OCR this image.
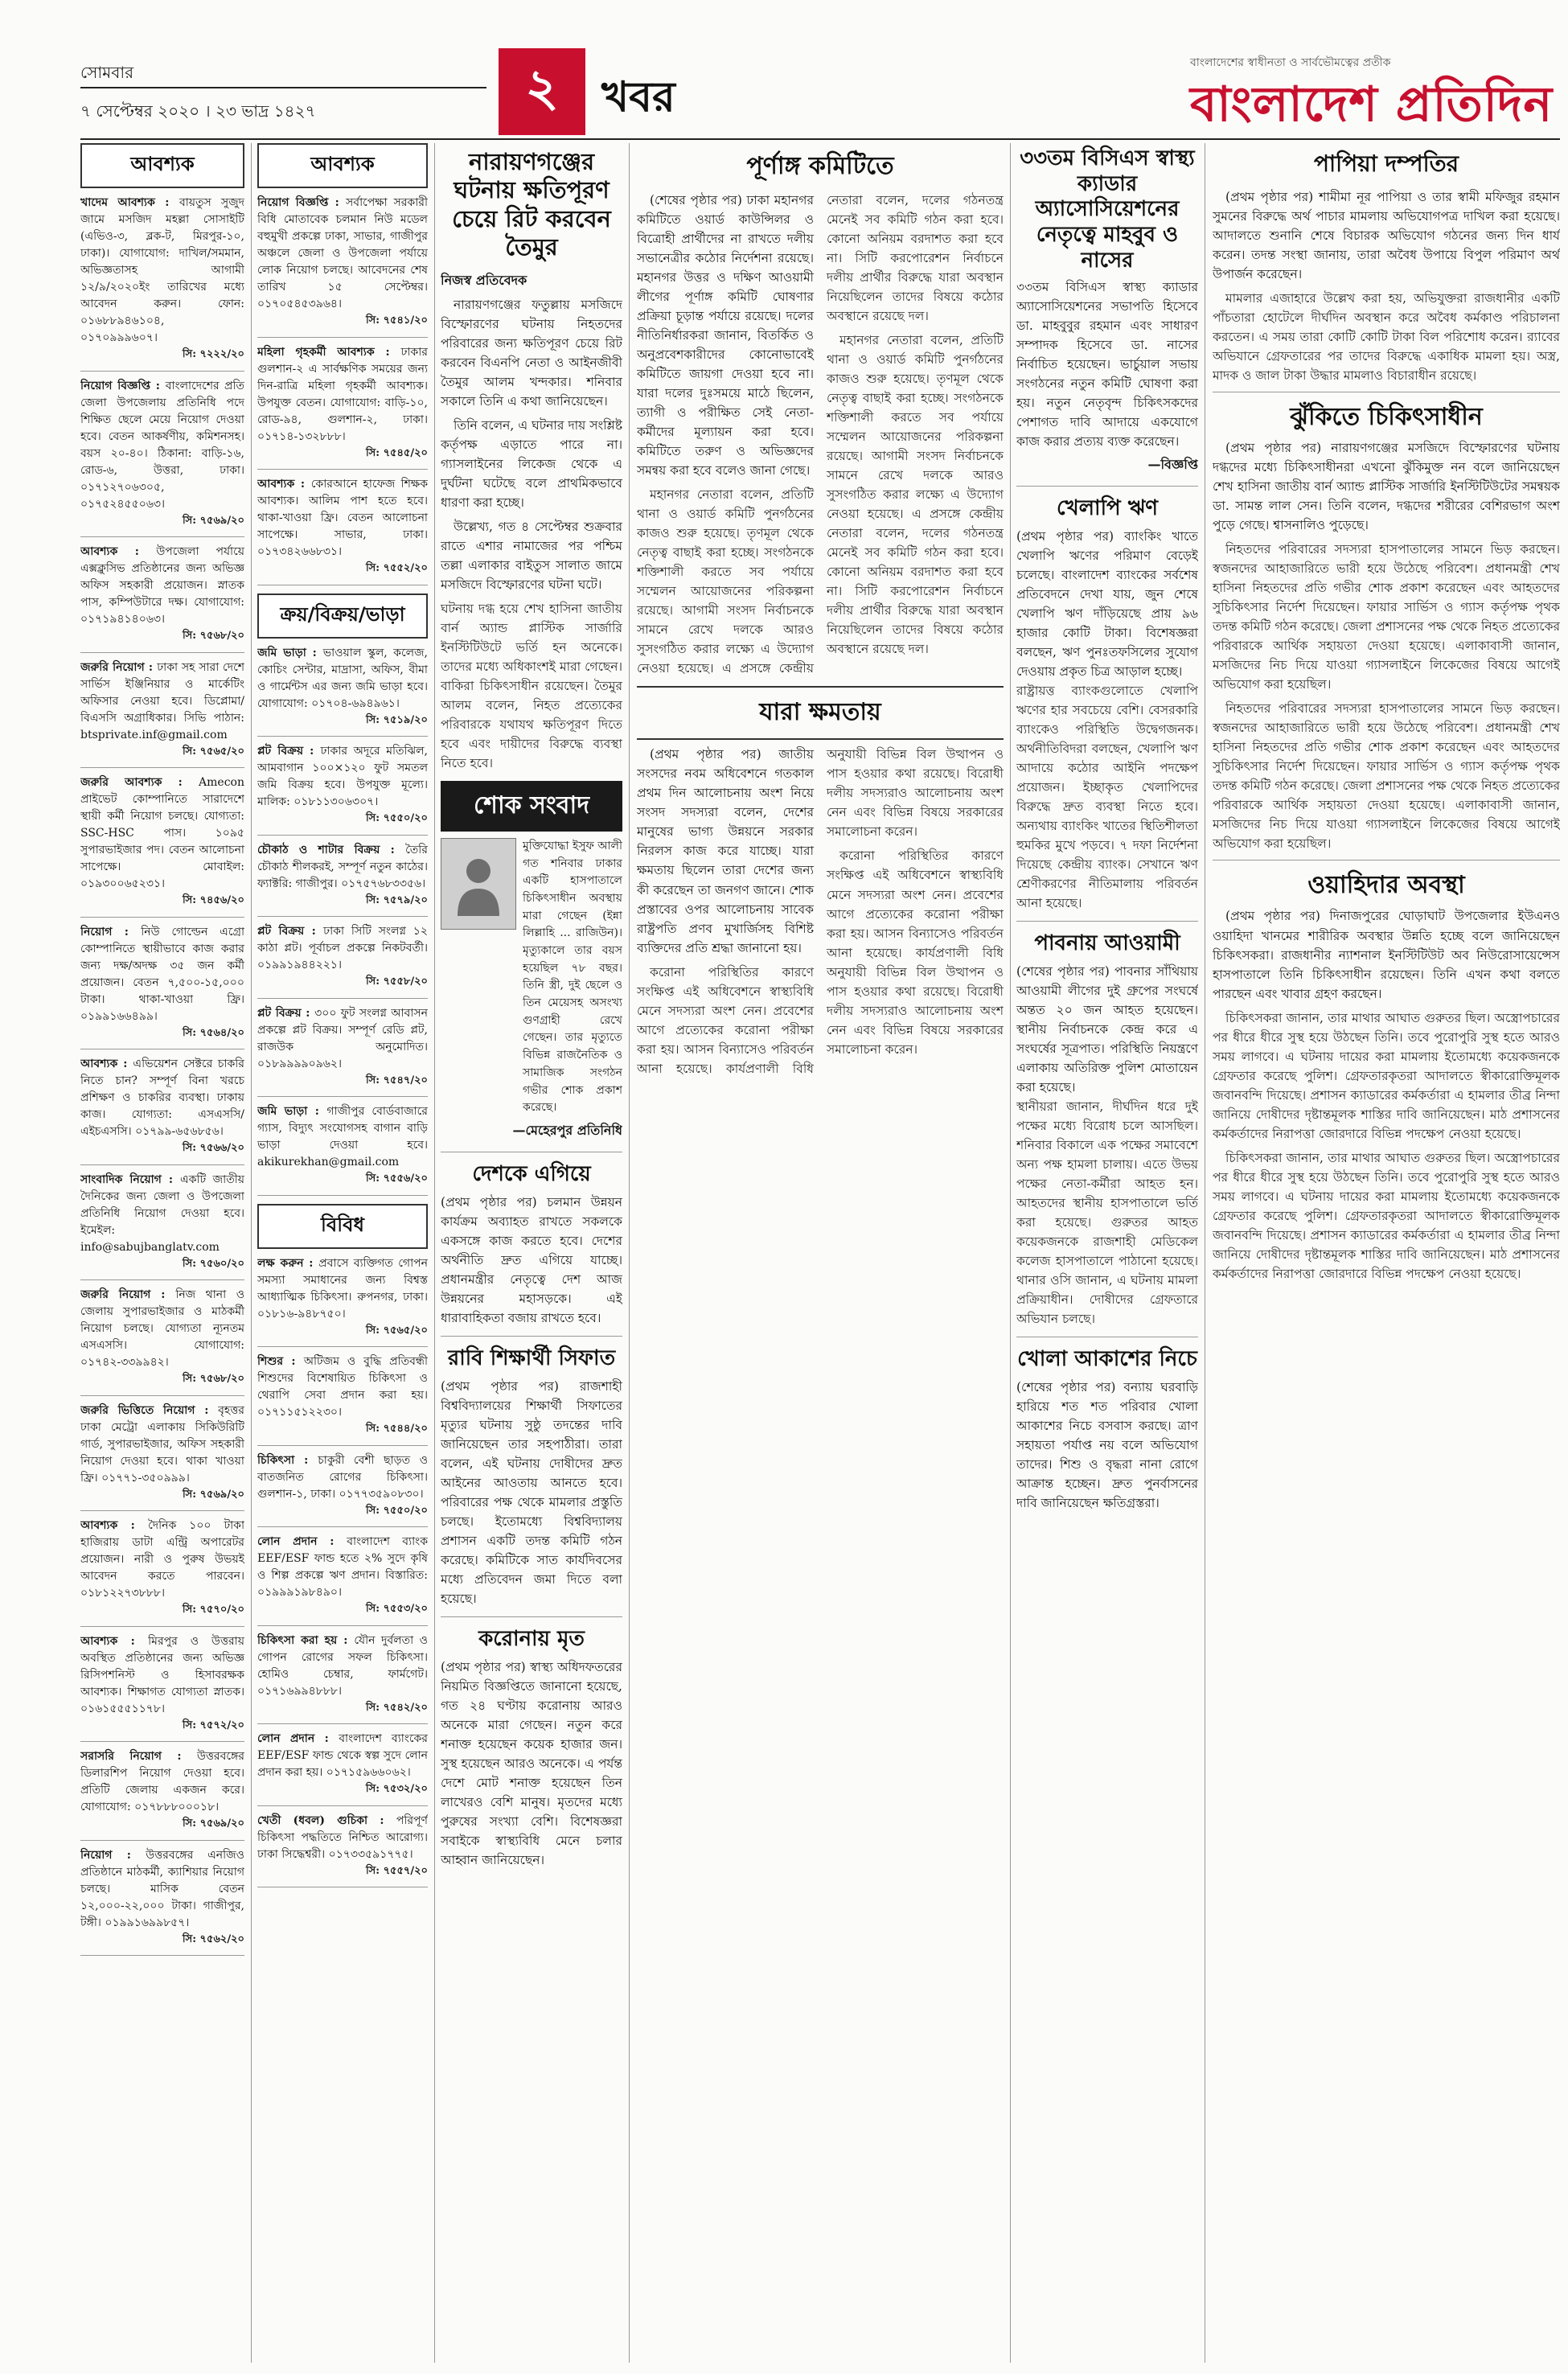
সোমবার
৭ সেপ্টেম্বর ২০২০ । ২৩ ভাদ্র ১৪২৭	২ খবর
বাংলাদেশের স্বাধীনতা ও সার্বভৌমত্বের প্রতীক
বাংলাদেশ প্রতিদিন
আবশ্যক
খাদেম আবশ্যক : বায়তুস সুজুদ জামে মসজিদ মহল্লা সোসাইটি (এভিও-৩, ব্লক-ট, মিরপুর-১০, ঢাকা)। যোগাযোগ: দাখিল/সমমান, অভিজ্ঞতাসহ আগামী ১২/৯/২০২০ইং তারিখের মধ্যে আবেদন করুন। ফোন: ০১৬৮৮৯৪৬১০৪, ০১৭০৯৯৯৬০৭।
সি: ৭২২২/২০
নিয়োগ বিজ্ঞপ্তি : বাংলাদেশের প্রতি জেলা উপজেলায় প্রতিনিধি পদে শিক্ষিত ছেলে মেয়ে নিয়োগ দেওয়া হবে। বেতন আকর্ষণীয়, কমিশনসহ। বয়স ২০-৪০। ঠিকানা: বাড়ি-১৬, রোড-৬, উত্তরা, ঢাকা। ০১৭১২৭০৬৩০৫, ০১৭৫২৪৫৫০৬৩।
সি: ৭৫৬৯/২০
আবশ্যক : উপজেলা পর্যায়ে এক্সক্লুসিভ প্রতিষ্ঠানের জন্য অভিজ্ঞ অফিস সহকারী প্রয়োজন। স্নাতক পাস, কম্পিউটারে দক্ষ। যোগাযোগ: ০১৭১৯৪১৪০৬৩।
সি: ৭৫৬৮/২০
জরুরি নিয়োগ : ঢাকা সহ সারা দেশে সার্ভিস ইঞ্জিনিয়ার ও মার্কেটিং অফিসার নেওয়া হবে। ডিপ্লোমা/বিএসসি অগ্রাধিকার। সিভি পাঠান: btsprivate.inf@gmail.com
সি: ৭৫৬৫/২০
জরুরি আবশ্যক : Amecon প্রাইভেট কোম্পানিতে সারাদেশে স্থায়ী কর্মী নিয়োগ চলছে। যোগ্যতা: SSC-HSC পাস। ১০৯৫ সুপারভাইজার পদ। বেতন আলোচনা সাপেক্ষে। মোবাইল: ০১৯৩০০৬৫২৩১।
সি: ৭৪৫৬/২০
নিয়োগ : নিউ গোল্ডেন এগ্রো কোম্পানিতে স্থায়ীভাবে কাজ করার জন্য দক্ষ/অদক্ষ ৩৫ জন কর্মী প্রয়োজন। বেতন ৭,৫০০-১৫,০০০ টাকা। থাকা-খাওয়া ফ্রি। ০১৯৯১৬৬৪৯৯।
সি: ৭৫৬৪/২০
আবশ্যক : এভিয়েশন সেক্টরে চাকরি নিতে চান? সম্পূর্ণ বিনা খরচে প্রশিক্ষণ ও চাকরির ব্যবস্থা। ঢাকায় কাজ। যোগ্যতা: এসএসসি/এইচএসসি। ০১৭৯৯-৬৫৬৮৫৬।
সি: ৭৫৬৬/২০
সাংবাদিক নিয়োগ : একটি জাতীয় দৈনিকের জন্য জেলা ও উপজেলা প্রতিনিধি নিয়োগ দেওয়া হবে। ইমেইল: info@sabujbanglatv.com
সি: ৭৫৬০/২০
জরুরি নিয়োগ : নিজ থানা ও জেলায় সুপারভাইজার ও মাঠকর্মী নিয়োগ চলছে। যোগ্যতা ন্যূনতম এসএসসি। যোগাযোগ: ০১৭৪২-৩৩৯৯৪২।
সি: ৭৫৬৮/২০
জরুরি ভিত্তিতে নিয়োগ : বৃহত্তর ঢাকা মেট্রো এলাকায় সিকিউরিটি গার্ড, সুপারভাইজার, অফিস সহকারী নিয়োগ দেওয়া হবে। থাকা খাওয়া ফ্রি। ০১৭৭১-৩৫০৯৯৯।
সি: ৭৫৬৯/২০
আবশ্যক : দৈনিক ১০০ টাকা হাজিরায় ডাটা এন্ট্রি অপারেটর প্রয়োজন। নারী ও পুরুষ উভয়ই আবেদন করতে পারবেন। ০১৮১২২৭৩৮৮৮।
সি: ৭৫৭০/২০
আবশ্যক : মিরপুর ও উত্তরায় অবস্থিত প্রতিষ্ঠানের জন্য অভিজ্ঞ রিসিপশনিস্ট ও হিসাবরক্ষক আবশ্যক। শিক্ষাগত যোগ্যতা স্নাতক। ০১৬১৫৫৫১১৭৮।
সি: ৭৫৭২/২০
সরাসরি নিয়োগ : উত্তরবঙ্গের ডিলারশিপ নিয়োগ দেওয়া হবে। প্রতিটি জেলায় একজন করে। যোগাযোগ: ০১৭৮৮৮০০০১৮।
সি: ৭৫৬৯/২০
নিয়োগ : উত্তরবঙ্গের এনজিও প্রতিষ্ঠানে মাঠকর্মী, ক্যাশিয়ার নিয়োগ চলছে। মাসিক বেতন ১২,০০০-২২,০০০ টাকা। গাজীপুর, টঙ্গী। ০১৯৯১৬৯৯৮৫৭।
সি: ৭৫৬২/২০
আবশ্যক
নিয়োগ বিজ্ঞপ্তি : সর্বাপেক্ষা সরকারী বিধি মোতাবেক চলমান নিউ মডেল বহুমুখী প্রকল্পে ঢাকা, সাভার, গাজীপুর অঞ্চলে জেলা ও উপজেলা পর্যায়ে লোক নিয়োগ চলছে। আবেদনের শেষ তারিখ ১৫ সেপ্টেম্বর। ০১৭০৫৪৫৩৯৬৪।
সি: ৭৫৪১/২০
মহিলা গৃহকর্মী আবশ্যক : ঢাকার গুলশান-২ এ সার্বক্ষণিক সময়ের জন্য দিন-রাত্রি মহিলা গৃহকর্মী আবশ্যক। উপযুক্ত বেতন। যোগাযোগ: বাড়ি-১০, রোড-৯৪, গুলশান-২, ঢাকা। ০১৭১৪-১৩২৮৮৮।
সি: ৭৫৪৫/২০
আবশ্যক : কোরআনে হাফেজ শিক্ষক আবশ্যক। আলিম পাশ হতে হবে। থাকা-খাওয়া ফ্রি। বেতন আলোচনা সাপেক্ষে। সাভার, ঢাকা। ০১৭৩৪২৬৬৮৩১।
সি: ৭৫৫২/২০
ক্রয়/বিক্রয়/ভাড়া
জমি ভাড়া : ভাওয়াল স্কুল, কলেজ, কোচিং সেন্টার, মাদ্রাসা, অফিস, বীমা ও গার্মেন্টস এর জন্য জমি ভাড়া হবে। যোগাযোগ: ০১৭০৪-৬৯৪৯৬১।
সি: ৭৫১৯/২০
প্লট বিক্রয় : ঢাকার অদূরে মতিঝিল, আমবাগান ১০০×১২০ ফুট সমতল জমি বিক্রয় হবে। উপযুক্ত মূল্যে। মালিক: ০১৮১১৩০৬৩০৭।
সি: ৭৫৫০/২০
চৌকাঠ ও শাটার বিক্রয় : তৈরি চৌকাঠ শীলকরই, সম্পূর্ণ নতুন কাঠের। ফ্যাক্টরি: গাজীপুর। ০১৭৫৭৬৮৩৩৫৬।
সি: ৭৫৭৯/২০
প্লট বিক্রয় : ঢাকা সিটি সংলগ্ন ১২ কাঠা প্লট। পূর্বাচল প্রকল্পে নিকটবর্তী। ০১৯৯১৯৪৪২২১।
সি: ৭৫৫৮/২০
প্লট বিক্রয় : ৩০০ ফুট সংলগ্ন আবাসন প্রকল্পে প্লট বিক্রয়। সম্পূর্ণ রেডি প্লট, রাজউক অনুমোদিত। ০১৮৯৯৯৯০৯৬২।
সি: ৭৫৪৭/২০
জমি ভাড়া : গাজীপুর বোর্ডবাজারে গ্যাস, বিদ্যুৎ সংযোগসহ বাগান বাড়ি ভাড়া দেওয়া হবে। akikurekhan@gmail.com
সি: ৭৫৫৬/২০
বিবিধ
লক্ষ করুন : প্রবাসে ব্যক্তিগত গোপন সমস্যা সমাধানের জন্য বিশ্বস্ত আধ্যাত্মিক চিকিৎসা। রুপনগর, ঢাকা। ০১৮১৬-৯৪৮৭৫০।
সি: ৭৫৬৫/২০
শিশুর : অটিজম ও বুদ্ধি প্রতিবন্ধী শিশুদের বিশেষায়িত চিকিৎসা ও থেরাপি সেবা প্রদান করা হয়। ০১৭১১৫১২২৩০।
সি: ৭৫৪৪/২০
চিকিৎসা : চাকুরী বেশী ছাড়ত ও বাতজনিত রোগের চিকিৎসা। গুলশান-১, ঢাকা। ০১৭৭৩৫৯০৮৩০।
সি: ৭৫৫০/২০
লোন প্রদান : বাংলাদেশ ব্যাংক EEF/ESF ফান্ড হতে ২% সুদে কৃষি ও শিল্প প্রকল্পে ঋণ প্রদান। বিস্তারিত: ০১৯৯৯১৯৮৪৯০।
সি: ৭৫৫৩/২০
চিকিৎসা করা হয় : যৌন দুর্বলতা ও গোপন রোগের সফল চিকিৎসা। হোমিও চেম্বার, ফার্মগেট। ০১৭১৬৯৯৪৮৮৮।
সি: ৭৫৪২/২০
লোন প্রদান : বাংলাদেশ ব্যাংকের EEF/ESF ফান্ড থেকে স্বল্প সুদে লোন প্রদান করা হয়। ০১৭১৫৯৬৬০৬২।
সি: ৭৫৩২/২০
খেতী (ধবল) গুচিকা : পরিপূর্ণ চিকিৎসা পদ্ধতিতে নিশ্চিত আরোগ্য। ঢাকা সিদ্ধেশ্বরী। ০১৭৩৩৫৯১৭৭৫।
সি: ৭৫৫৭/২০
নারায়ণগঞ্জের ঘটনায় ক্ষতিপূরণ চেয়ে রিট করবেন তৈমুর
নিজস্ব প্রতিবেদক

নারায়ণগঞ্জের ফতুল্লায় মসজিদে বিস্ফোরণের ঘটনায় নিহতদের পরিবারের জন্য ক্ষতিপূরণ চেয়ে রিট করবেন বিএনপি নেতা ও আইনজীবী তৈমুর আলম খন্দকার। শনিবার সকালে তিনি এ কথা জানিয়েছেন।

তিনি বলেন, এ ঘটনার দায় সংশ্লিষ্ট কর্তৃপক্ষ এড়াতে পারে না। গ্যাসলাইনের লিকেজ থেকে এ দুর্ঘটনা ঘটেছে বলে প্রাথমিকভাবে ধারণা করা হচ্ছে।

উল্লেখ্য, গত ৪ সেপ্টেম্বর শুক্রবার রাতে এশার নামাজের পর পশ্চিম তল্লা এলাকার বাইতুস সালাত জামে মসজিদে বিস্ফোরণের ঘটনা ঘটে।

ঘটনায় দগ্ধ হয়ে শেখ হাসিনা জাতীয় বার্ন অ্যান্ড প্লাস্টিক সার্জারি ইনস্টিটিউটে ভর্তি হন অনেকে। তাদের মধ্যে অধিকাংশই মারা গেছেন। বাকিরা চিকিৎসাধীন রয়েছেন। তৈমুর আলম বলেন, নিহত প্রত্যেকের পরিবারকে যথাযথ ক্ষতিপূরণ দিতে হবে এবং দায়ীদের বিরুদ্ধে ব্যবস্থা নিতে হবে।
শোক সংবাদ
মুক্তিযোদ্ধা ইসুফ আলী গত শনিবার ঢাকার একটি হাসপাতালে চিকিৎসাধীন অবস্থায় মারা গেছেন (ইন্না লিল্লাহি ... রাজিউন)। মৃত্যুকালে তার বয়স হয়েছিল ৭৮ বছর। তিনি স্ত্রী, দুই ছেলে ও তিন মেয়েসহ অসংখ্য গুণগ্রাহী রেখে গেছেন। তার মৃত্যুতে বিভিন্ন রাজনৈতিক ও সামাজিক সংগঠন গভীর শোক প্রকাশ করেছে।
—মেহেরপুর প্রতিনিধি
দেশকে এগিয়ে
(প্রথম পৃষ্ঠার পর) চলমান উন্নয়ন কার্যক্রম অব্যাহত রাখতে সকলকে একসঙ্গে কাজ করতে হবে। দেশের অর্থনীতি দ্রুত এগিয়ে যাচ্ছে। প্রধানমন্ত্রীর নেতৃত্বে দেশ আজ উন্নয়নের মহাসড়কে। এই ধারাবাহিকতা বজায় রাখতে হবে।
রাবি শিক্ষার্থী সিফাত
(প্রথম পৃষ্ঠার পর) রাজশাহী বিশ্ববিদ্যালয়ের শিক্ষার্থী সিফাতের মৃত্যুর ঘটনায় সুষ্ঠু তদন্তের দাবি জানিয়েছেন তার সহপাঠীরা। তারা বলেন, এই ঘটনায় দোষীদের দ্রুত আইনের আওতায় আনতে হবে। পরিবারের পক্ষ থেকে মামলার প্রস্তুতি চলছে। ইতোমধ্যে বিশ্ববিদ্যালয় প্রশাসন একটি তদন্ত কমিটি গঠন করেছে। কমিটিকে সাত কার্যদিবসের মধ্যে প্রতিবেদন জমা দিতে বলা হয়েছে।
করোনায় মৃত
(প্রথম পৃষ্ঠার পর) স্বাস্থ্য অধিদফতরের নিয়মিত বিজ্ঞপ্তিতে জানানো হয়েছে, গত ২৪ ঘণ্টায় করোনায় আরও অনেকে মারা গেছেন। নতুন করে শনাক্ত হয়েছেন কয়েক হাজার জন। সুস্থ হয়েছেন আরও অনেকে। এ পর্যন্ত দেশে মোট শনাক্ত হয়েছেন তিন লাখেরও বেশি মানুষ। মৃতদের মধ্যে পুরুষের সংখ্যা বেশি। বিশেষজ্ঞরা সবাইকে স্বাস্থ্যবিধি মেনে চলার আহ্বান জানিয়েছেন।
পূর্ণাঙ্গ কমিটিতে

(শেষের পৃষ্ঠার পর) ঢাকা মহানগর কমিটিতে ওয়ার্ড কাউন্সিলর ও বিত্রোহী প্রার্থীদের না রাখতে দলীয় সভানেত্রীর কঠোর নির্দেশনা রয়েছে। মহানগর উত্তর ও দক্ষিণ আওয়ামী লীগের পূর্ণাঙ্গ কমিটি ঘোষণার প্রক্রিয়া চূড়ান্ত পর্যায়ে রয়েছে। দলের নীতিনির্ধারকরা জানান, বিতর্কিত ও অনুপ্রবেশকারীদের কোনোভাবেই কমিটিতে জায়গা দেওয়া হবে না। যারা দলের দুঃসময়ে মাঠে ছিলেন, ত্যাগী ও পরীক্ষিত সেই নেতা-কর্মীদের মূল্যায়ন করা হবে। কমিটিতে তরুণ ও অভিজ্ঞদের সমন্বয় করা হবে বলেও জানা গেছে।

মহানগর নেতারা বলেন, প্রতিটি থানা ও ওয়ার্ড কমিটি পুনর্গঠনের কাজও শুরু হয়েছে। তৃণমূল থেকে নেতৃত্ব বাছাই করা হচ্ছে। সংগঠনকে শক্তিশালী করতে সব পর্যায়ে সম্মেলন আয়োজনের পরিকল্পনা রয়েছে। আগামী সংসদ নির্বাচনকে সামনে রেখে দলকে আরও সুসংগঠিত করার লক্ষ্যে এ উদ্যোগ নেওয়া হয়েছে। এ প্রসঙ্গে কেন্দ্রীয় নেতারা বলেন, দলের গঠনতন্ত্র মেনেই সব কমিটি গঠন করা হবে। কোনো অনিয়ম বরদাশত করা হবে না। সিটি করপোরেশন নির্বাচনে দলীয় প্রার্থীর বিরুদ্ধে যারা অবস্থান নিয়েছিলেন তাদের বিষয়ে কঠোর অবস্থানে রয়েছে দল।

মহানগর নেতারা বলেন, প্রতিটি থানা ও ওয়ার্ড কমিটি পুনর্গঠনের কাজও শুরু হয়েছে। তৃণমূল থেকে নেতৃত্ব বাছাই করা হচ্ছে। সংগঠনকে শক্তিশালী করতে সব পর্যায়ে সম্মেলন আয়োজনের পরিকল্পনা রয়েছে। আগামী সংসদ নির্বাচনকে সামনে রেখে দলকে আরও সুসংগঠিত করার লক্ষ্যে এ উদ্যোগ নেওয়া হয়েছে। এ প্রসঙ্গে কেন্দ্রীয় নেতারা বলেন, দলের গঠনতন্ত্র মেনেই সব কমিটি গঠন করা হবে। কোনো অনিয়ম বরদাশত করা হবে না। সিটি করপোরেশন নির্বাচনে দলীয় প্রার্থীর বিরুদ্ধে যারা অবস্থান নিয়েছিলেন তাদের বিষয়ে কঠোর অবস্থানে রয়েছে দল।

যারা ক্ষমতায়

(প্রথম পৃষ্ঠার পর) জাতীয় সংসদের নবম অধিবেশনে গতকাল প্রথম দিন আলোচনায় অংশ নিয়ে সংসদ সদস্যরা বলেন, দেশের মানুষের ভাগ্য উন্নয়নে সরকার নিরলস কাজ করে যাচ্ছে। যারা ক্ষমতায় ছিলেন তারা দেশের জন্য কী করেছেন তা জনগণ জানে। শোক প্রস্তাবের ওপর আলোচনায় সাবেক রাষ্ট্রপতি প্রণব মুখার্জিসহ বিশিষ্ট ব্যক্তিদের প্রতি শ্রদ্ধা জানানো হয়।

করোনা পরিস্থিতির কারণে সংক্ষিপ্ত এই অধিবেশনে স্বাস্থ্যবিধি মেনে সদস্যরা অংশ নেন। প্রবেশের আগে প্রত্যেকের করোনা পরীক্ষা করা হয়। আসন বিন্যাসেও পরিবর্তন আনা হয়েছে। কার্যপ্রণালী বিধি অনুযায়ী বিভিন্ন বিল উত্থাপন ও পাস হওয়ার কথা রয়েছে। বিরোধী দলীয় সদস্যরাও আলোচনায় অংশ নেন এবং বিভিন্ন বিষয়ে সরকারের সমালোচনা করেন।

করোনা পরিস্থিতির কারণে সংক্ষিপ্ত এই অধিবেশনে স্বাস্থ্যবিধি মেনে সদস্যরা অংশ নেন। প্রবেশের আগে প্রত্যেকের করোনা পরীক্ষা করা হয়। আসন বিন্যাসেও পরিবর্তন আনা হয়েছে। কার্যপ্রণালী বিধি অনুযায়ী বিভিন্ন বিল উত্থাপন ও পাস হওয়ার কথা রয়েছে। বিরোধী দলীয় সদস্যরাও আলোচনায় অংশ নেন এবং বিভিন্ন বিষয়ে সরকারের সমালোচনা করেন।

৩৩তম বিসিএস স্বাস্থ্য ক্যাডার অ্যাসোসিয়েশনের নেতৃত্বে মাহবুব ও নাসের
৩৩তম বিসিএস স্বাস্থ্য ক্যাডার অ্যাসোসিয়েশনের সভাপতি হিসেবে ডা. মাহবুবুর রহমান এবং সাধারণ সম্পাদক হিসেবে ডা. নাসের নির্বাচিত হয়েছেন। ভার্চুয়াল সভায় সংগঠনের নতুন কমিটি ঘোষণা করা হয়। নতুন নেতৃবৃন্দ চিকিৎসকদের পেশাগত দাবি আদায়ে একযোগে কাজ করার প্রত্যয় ব্যক্ত করেছেন।
—বিজ্ঞপ্তি
খেলাপি ঋণ
(প্রথম পৃষ্ঠার পর) ব্যাংকিং খাতে খেলাপি ঋণের পরিমাণ বেড়েই চলেছে। বাংলাদেশ ব্যাংকের সর্বশেষ প্রতিবেদনে দেখা যায়, জুন শেষে খেলাপি ঋণ দাঁড়িয়েছে প্রায় ৯৬ হাজার কোটি টাকা। বিশেষজ্ঞরা বলছেন, ঋণ পুনঃতফসিলের সুযোগ দেওয়ায় প্রকৃত চিত্র আড়াল হচ্ছে।
রাষ্ট্রায়ত্ত ব্যাংকগুলোতে খেলাপি ঋণের হার সবচেয়ে বেশি। বেসরকারি ব্যাংকেও পরিস্থিতি উদ্বেগজনক। অর্থনীতিবিদরা বলছেন, খেলাপি ঋণ আদায়ে কঠোর আইনি পদক্ষেপ প্রয়োজন। ইচ্ছাকৃত খেলাপিদের বিরুদ্ধে দ্রুত ব্যবস্থা নিতে হবে। অন্যথায় ব্যাংকিং খাতের স্থিতিশীলতা হুমকির মুখে পড়বে। ৭ দফা নির্দেশনা দিয়েছে কেন্দ্রীয় ব্যাংক। সেখানে ঋণ শ্রেণীকরণের নীতিমালায় পরিবর্তন আনা হয়েছে।
পাবনায় আওয়ামী
(শেষের পৃষ্ঠার পর) পাবনার সাঁথিয়ায় আওয়ামী লীগের দুই গ্রুপের সংঘর্ষে অন্তত ২০ জন আহত হয়েছেন। স্থানীয় নির্বাচনকে কেন্দ্র করে এ সংঘর্ষের সূত্রপাত। পরিস্থিতি নিয়ন্ত্রণে এলাকায় অতিরিক্ত পুলিশ মোতায়েন করা হয়েছে।
স্থানীয়রা জানান, দীর্ঘদিন ধরে দুই পক্ষের মধ্যে বিরোধ চলে আসছিল। শনিবার বিকালে এক পক্ষের সমাবেশে অন্য পক্ষ হামলা চালায়। এতে উভয় পক্ষের নেতা-কর্মীরা আহত হন। আহতদের স্থানীয় হাসপাতালে ভর্তি করা হয়েছে। গুরুতর আহত কয়েকজনকে রাজশাহী মেডিকেল কলেজ হাসপাতালে পাঠানো হয়েছে। থানার ওসি জানান, এ ঘটনায় মামলা প্রক্রিয়াধীন। দোষীদের গ্রেফতারে অভিযান চলছে।
খোলা আকাশের নিচে
(শেষের পৃষ্ঠার পর) বন্যায় ঘরবাড়ি হারিয়ে শত শত পরিবার খোলা আকাশের নিচে বসবাস করছে। ত্রাণ সহায়তা পর্যাপ্ত নয় বলে অভিযোগ তাদের। শিশু ও বৃদ্ধরা নানা রোগে আক্রান্ত হচ্ছেন। দ্রুত পুনর্বাসনের দাবি জানিয়েছেন ক্ষতিগ্রস্তরা।
পাপিয়া দম্পতির

(প্রথম পৃষ্ঠার পর) শামীমা নূর পাপিয়া ও তার স্বামী মফিজুর রহমান সুমনের বিরুদ্ধে অর্থ পাচার মামলায় অভিযোগপত্র দাখিল করা হয়েছে। আদালতে শুনানি শেষে বিচারক অভিযোগ গঠনের জন্য দিন ধার্য করেন। তদন্ত সংস্থা জানায়, তারা অবৈধ উপায়ে বিপুল পরিমাণ অর্থ উপার্জন করেছেন।

মামলার এজাহারে উল্লেখ করা হয়, অভিযুক্তরা রাজধানীর একটি পাঁচতারা হোটেলে দীর্ঘদিন অবস্থান করে অবৈধ কর্মকাণ্ড পরিচালনা করতেন। এ সময় তারা কোটি কোটি টাকা বিল পরিশোধ করেন। র‌্যাবের অভিযানে গ্রেফতারের পর তাদের বিরুদ্ধে একাধিক মামলা হয়। অস্ত্র, মাদক ও জাল টাকা উদ্ধার মামলাও বিচারাধীন রয়েছে।

ঝুঁকিতে চিকিৎসাধীন

(প্রথম পৃষ্ঠার পর) নারায়ণগঞ্জের মসজিদে বিস্ফোরণের ঘটনায় দগ্ধদের মধ্যে চিকিৎসাধীনরা এখনো ঝুঁকিমুক্ত নন বলে জানিয়েছেন শেখ হাসিনা জাতীয় বার্ন অ্যান্ড প্লাস্টিক সার্জারি ইনস্টিটিউটের সমন্বয়ক ডা. সামন্ত লাল সেন। তিনি বলেন, দগ্ধদের শরীরের বেশিরভাগ অংশ পুড়ে গেছে। শ্বাসনালিও পুড়েছে।

নিহতদের পরিবারের সদস্যরা হাসপাতালের সামনে ভিড় করছেন। স্বজনদের আহাজারিতে ভারী হয়ে উঠেছে পরিবেশ। প্রধানমন্ত্রী শেখ হাসিনা নিহতদের প্রতি গভীর শোক প্রকাশ করেছেন এবং আহতদের সুচিকিৎসার নির্দেশ দিয়েছেন। ফায়ার সার্ভিস ও গ্যাস কর্তৃপক্ষ পৃথক তদন্ত কমিটি গঠন করেছে। জেলা প্রশাসনের পক্ষ থেকে নিহত প্রত্যেকের পরিবারকে আর্থিক সহায়তা দেওয়া হয়েছে। এলাকাবাসী জানান, মসজিদের নিচ দিয়ে যাওয়া গ্যাসলাইনে লিকেজের বিষয়ে আগেই অভিযোগ করা হয়েছিল।

নিহতদের পরিবারের সদস্যরা হাসপাতালের সামনে ভিড় করছেন। স্বজনদের আহাজারিতে ভারী হয়ে উঠেছে পরিবেশ। প্রধানমন্ত্রী শেখ হাসিনা নিহতদের প্রতি গভীর শোক প্রকাশ করেছেন এবং আহতদের সুচিকিৎসার নির্দেশ দিয়েছেন। ফায়ার সার্ভিস ও গ্যাস কর্তৃপক্ষ পৃথক তদন্ত কমিটি গঠন করেছে। জেলা প্রশাসনের পক্ষ থেকে নিহত প্রত্যেকের পরিবারকে আর্থিক সহায়তা দেওয়া হয়েছে। এলাকাবাসী জানান, মসজিদের নিচ দিয়ে যাওয়া গ্যাসলাইনে লিকেজের বিষয়ে আগেই অভিযোগ করা হয়েছিল।

ওয়াহিদার অবস্থা

(প্রথম পৃষ্ঠার পর) দিনাজপুরের ঘোড়াঘাট উপজেলার ইউএনও ওয়াহিদা খানমের শারীরিক অবস্থার উন্নতি হচ্ছে বলে জানিয়েছেন চিকিৎসকরা। রাজধানীর ন্যাশনাল ইনস্টিটিউট অব নিউরোসায়েন্সেস হাসপাতালে তিনি চিকিৎসাধীন রয়েছেন। তিনি এখন কথা বলতে পারছেন এবং খাবার গ্রহণ করছেন।

চিকিৎসকরা জানান, তার মাথার আঘাত গুরুতর ছিল। অস্ত্রোপচারের পর ধীরে ধীরে সুস্থ হয়ে উঠছেন তিনি। তবে পুরোপুরি সুস্থ হতে আরও সময় লাগবে। এ ঘটনায় দায়ের করা মামলায় ইতোমধ্যে কয়েকজনকে গ্রেফতার করেছে পুলিশ। গ্রেফতারকৃতরা আদালতে স্বীকারোক্তিমূলক জবানবন্দি দিয়েছে। প্রশাসন ক্যাডারের কর্মকর্তারা এ হামলার তীব্র নিন্দা জানিয়ে দোষীদের দৃষ্টান্তমূলক শাস্তির দাবি জানিয়েছেন। মাঠ প্রশাসনের কর্মকর্তাদের নিরাপত্তা জোরদারে বিভিন্ন পদক্ষেপ নেওয়া হয়েছে।

চিকিৎসকরা জানান, তার মাথার আঘাত গুরুতর ছিল। অস্ত্রোপচারের পর ধীরে ধীরে সুস্থ হয়ে উঠছেন তিনি। তবে পুরোপুরি সুস্থ হতে আরও সময় লাগবে। এ ঘটনায় দায়ের করা মামলায় ইতোমধ্যে কয়েকজনকে গ্রেফতার করেছে পুলিশ। গ্রেফতারকৃতরা আদালতে স্বীকারোক্তিমূলক জবানবন্দি দিয়েছে। প্রশাসন ক্যাডারের কর্মকর্তারা এ হামলার তীব্র নিন্দা জানিয়ে দোষীদের দৃষ্টান্তমূলক শাস্তির দাবি জানিয়েছেন। মাঠ প্রশাসনের কর্মকর্তাদের নিরাপত্তা জোরদারে বিভিন্ন পদক্ষেপ নেওয়া হয়েছে।
